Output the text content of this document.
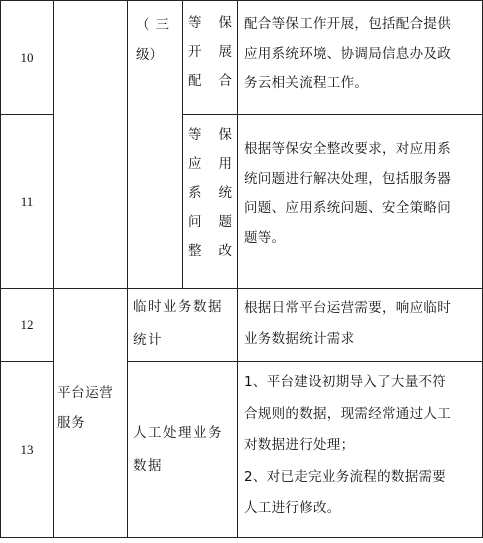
10
11
12
13
平台运营
服务
（三
级）
等保
开展
配合
等保
应用
系统
问题
整改
临时业务数据
统计
人工处理业务
数据

配合等保工作开展，包括配合提供

应用系统环境、协调局信息办及政

务云相关流程工作。

根据等保安全整改要求，对应用系

统问题进行解决处理，包括服务器

问题、应用系统问题、安全策略问

题等。

根据日常平台运营需要，响应临时

业务数据统计需求

1、平台建设初期导入了大量不符

合规则的数据，现需经常通过人工

对数据进行处理；

2、对已走完业务流程的数据需要

人工进行修改。
